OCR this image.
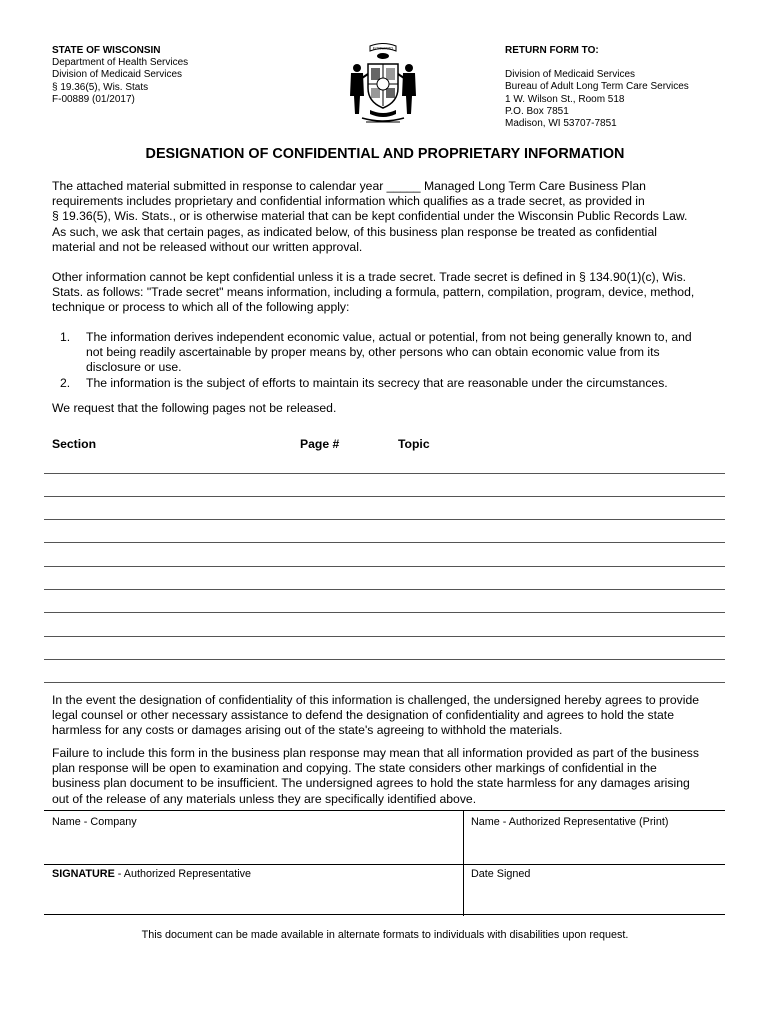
STATE OF WISCONSIN
Department of Health Services
Division of Medicaid Services
§ 19.36(5), Wis. Stats
F-00889 (01/2017)
FORWARD	RETURN FORM TO:
Division of Medicaid Services
Bureau of Adult Long Term Care Services
1 W. Wilson St., Room 518
P.O. Box 7851
Madison, WI 53707-7851
DESIGNATION OF CONFIDENTIAL AND PROPRIETARY INFORMATION
The attached material submitted in response to calendar year _____ Managed Long Term Care Business Plan
requirements includes proprietary and confidential information which qualifies as a trade secret, as provided in
§ 19.36(5), Wis. Stats., or is otherwise material that can be kept confidential under the Wisconsin Public Records Law.
As such, we ask that certain pages, as indicated below, of this business plan response be treated as confidential
material and not be released without our written approval.
Other information cannot be kept confidential unless it is a trade secret. Trade secret is defined in § 134.90(1)(c), Wis.
Stats. as follows: "Trade secret" means information, including a formula, pattern, compilation, program, device, method,
technique or process to which all of the following apply:
1.	The information derives independent economic value, actual or potential, from not being generally known to, and
not being readily ascertainable by proper means by, other persons who can obtain economic value from its
disclosure or use.
2.	The information is the subject of efforts to maintain its secrecy that are reasonable under the circumstances.
We request that the following pages not be released.
Section	Page #	Topic
In the event the designation of confidentiality of this information is challenged, the undersigned hereby agrees to provide
legal counsel or other necessary assistance to defend the designation of confidentiality and agrees to hold the state
harmless for any costs or damages arising out of the state's agreeing to withhold the materials.
Failure to include this form in the business plan response may mean that all information provided as part of the business
plan response will be open to examination and copying. The state considers other markings of confidential in the
business plan document to be insufficient. The undersigned agrees to hold the state harmless for any damages arising
out of the release of any materials unless they are specifically identified above.
Name - Company	Name - Authorized Representative (Print)
SIGNATURE - Authorized Representative	Date Signed
This document can be made available in alternate formats to individuals with disabilities upon request.
